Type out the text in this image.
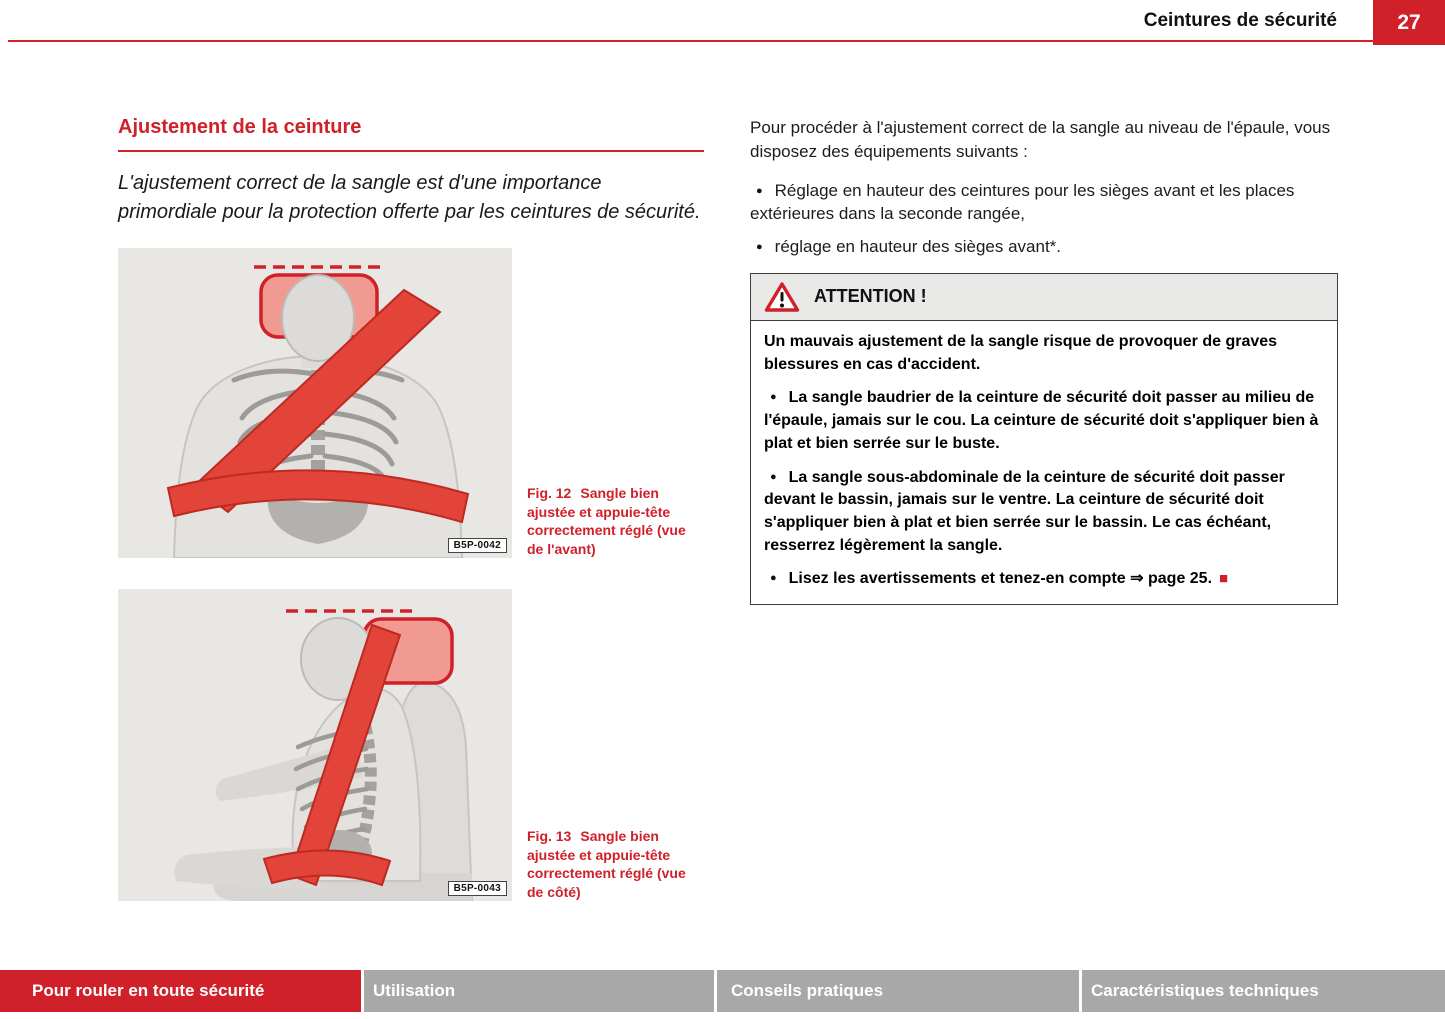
Ceintures de sécurité	27
Ajustement de la ceinture

L'ajustement correct de la sangle est d'une importance primordiale pour la protection offerte par les ceintures de sécurité.

B5P-0042
Fig. 12 Sangle bien ajustée et appuie-tête correctement réglé (vue de l'avant)
B5P-0043
Fig. 13 Sangle bien ajustée et appuie-tête correctement réglé (vue de côté)

Pour procéder à l'ajustement correct de la sangle au niveau de l'épaule, vous disposez des équipements suivants :

●Réglage en hauteur des ceintures pour les sièges avant et les places extérieures dans la seconde rangée,

●réglage en hauteur des sièges avant*.

ATTENTION !

Un mauvais ajustement de la sangle risque de provoquer de graves blessures en cas d'accident.

●La sangle baudrier de la ceinture de sécurité doit passer au milieu de l'épaule, jamais sur le cou. La ceinture de sécurité doit s'appliquer bien à plat et bien serrée sur le buste.

●La sangle sous-abdominale de la ceinture de sécurité doit passer devant le bassin, jamais sur le ventre. La ceinture de sécurité doit s'appliquer bien à plat et bien serrée sur le bassin. Le cas échéant, resserrez légèrement la sangle.

●Lisez les avertissements et tenez-en compte ⇒ page 25. ■

Pour rouler en toute sécurité	Utilisation	Conseils pratiques	Caractéristiques techniques
